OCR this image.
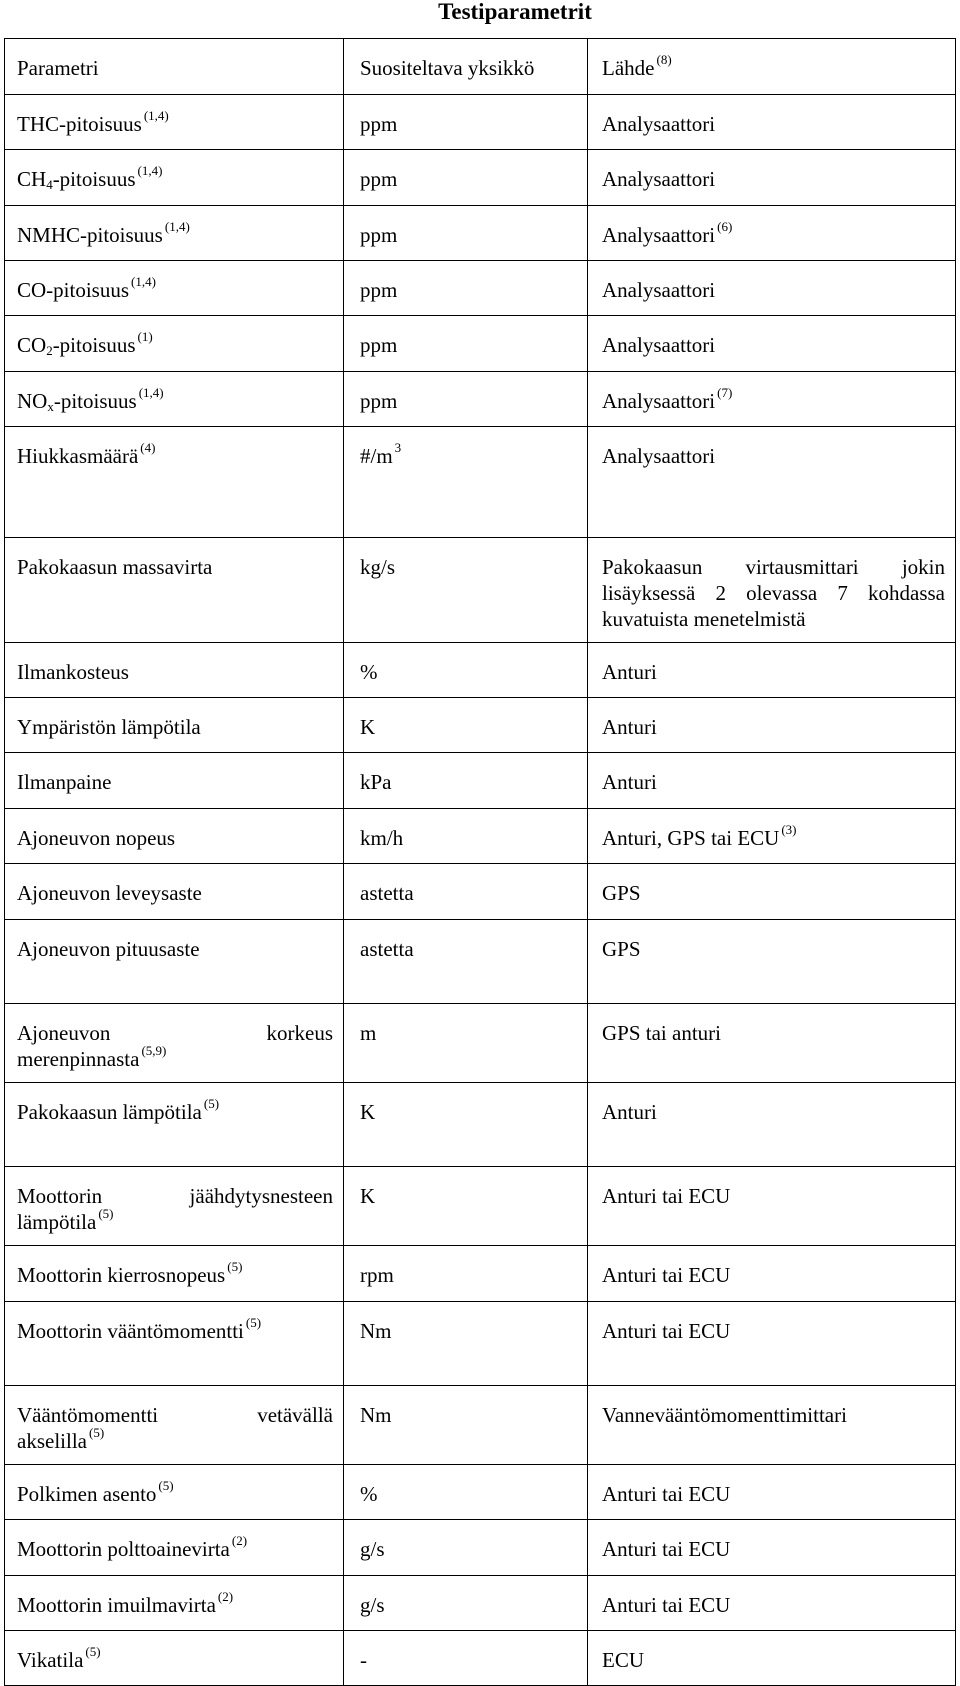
Testiparametrit
Parametri	Suositeltava yksikkö	Lähde $^{(8)}$
THC-pitoisuus $^{(1,4)}$	ppm	Analysaattori
$CH_4$-pitoisuus $^{(1,4)}$	ppm	Analysaattori
NMHC-pitoisuus $^{(1,4)}$	ppm	Analysaattori $^{(6)}$
CO-pitoisuus $^{(1,4)}$	ppm	Analysaattori
$CO_2$-pitoisuus $^{(1)}$	ppm	Analysaattori
$NO_x$-pitoisuus $^{(1,4)}$	ppm	Analysaattori $^{(7)}$
Hiukkasmäärä $^{(4)}$	#/m $^3$	Analysaattori
Pakokaasun massavirta	kg/s	Pakokaasun virtausmittari jokin lisäyksessä 2 olevassa 7 kohdassa kuvatuista menetelmistä
Ilmankosteus	%	Anturi
Ympäristön lämpötila	K	Anturi
Ilmanpaine	kPa	Anturi
Ajoneuvon nopeus	km/h	Anturi, GPS tai ECU $^{(3)}$
Ajoneuvon leveysaste	astetta	GPS
Ajoneuvon pituusaste	astetta	GPS

Ajoneuvon korkeus
merenpinnasta $^{(5,9)}$	m	GPS tai anturi
Pakokaasun lämpötila $^{(5)}$	K	Anturi

Moottorin jäähdytysnesteen
lämpötila $^{(5)}$	K	Anturi tai ECU
Moottorin kierrosnopeus $^{(5)}$	rpm	Anturi tai ECU
Moottorin vääntömomentti $^{(5)}$	Nm	Anturi tai ECU

Vääntömomentti vetävällä
akselilla $^{(5)}$	Nm	Vannevääntömomenttimittari
Polkimen asento $^{(5)}$	%	Anturi tai ECU
Moottorin polttoainevirta $^{(2)}$	g/s	Anturi tai ECU
Moottorin imuilmavirta $^{(2)}$	g/s	Anturi tai ECU
Vikatila $^{(5)}$	-	ECU
